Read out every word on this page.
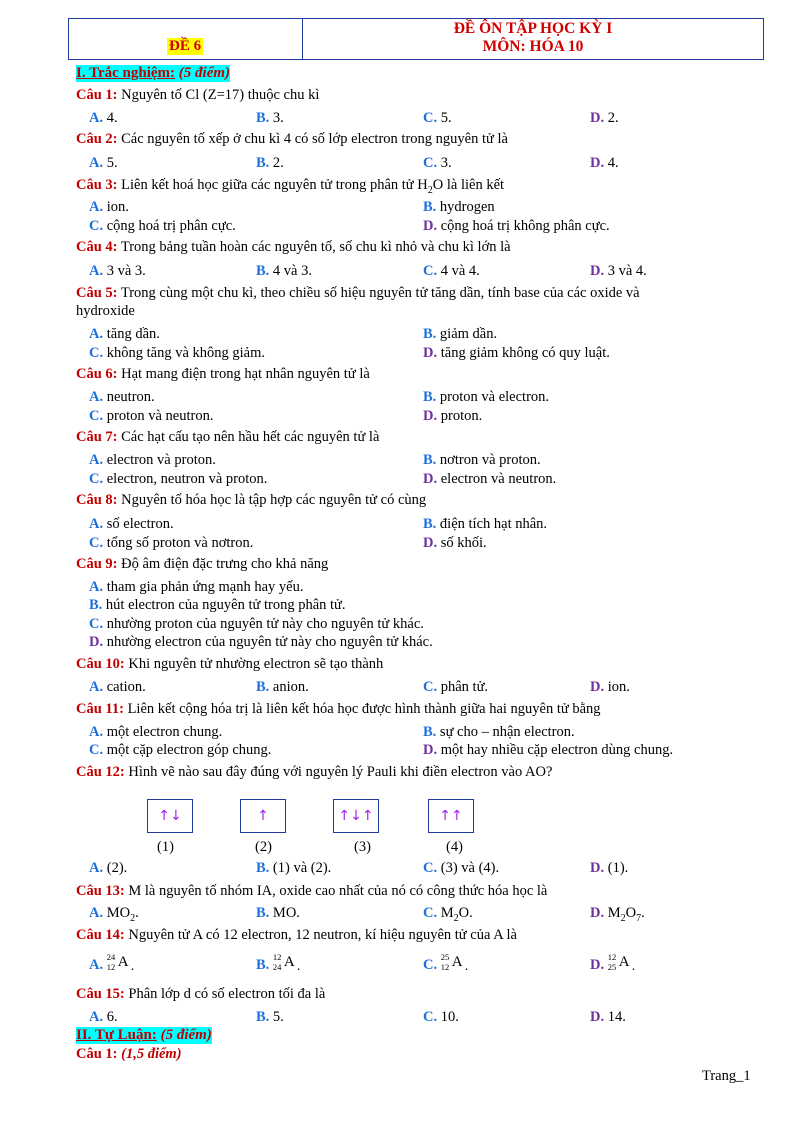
ĐỀ ÔN TẬP HỌC KỲ I
MÔN: HÓA 10
ĐỀ 6
I. Trắc nghiệm: (5 điểm)
Câu 1: Nguyên tố Cl (Z=17) thuộc chu kì
A. 4.	B. 3.	C. 5.	D. 2.
Câu 2: Các nguyên tố xếp ở chu kì 4 có số lớp electron trong nguyên tử là
A. 5.	B. 2.	C. 3.	D. 4.
Câu 3: Liên kết hoá học giữa các nguyên tử trong phân tử $H_2O$ là liên kết
A. ion.	B. hydrogen
C. cộng hoá trị phân cực.	D. cộng hoá trị không phân cực.
Câu 4: Trong bảng tuần hoàn các nguyên tố, số chu kì nhỏ và chu kì lớn là
A. 3 và 3.	B. 4 và 3.	C. 4 và 4.	D. 3 và 4.
Câu 5: Trong cùng một chu kì, theo chiều số hiệu nguyên tử tăng dần, tính base của các oxide và
hydroxide
A. tăng dần.	B. giảm dần.
C. không tăng và không giảm.	D. tăng giảm không có quy luật.
Câu 6: Hạt mang điện trong hạt nhân nguyên tử là
A. neutron.	B. proton và electron.
C. proton và neutron.	D. proton.
Câu 7: Các hạt cấu tạo nên hầu hết các nguyên tử là
A. electron và proton.	B. nơtron và proton.
C. electron, neutron và proton.	D. electron và neutron.
Câu 8: Nguyên tố hóa học là tập hợp các nguyên tử có cùng
A. số electron.	B. điện tích hạt nhân.
C. tổng số proton và nơtron.	D. số khối.
Câu 9: Độ âm điện đặc trưng cho khả năng
A. tham gia phản ứng mạnh hay yếu.
B. hút electron của nguyên tử trong phân tử.
C. nhường proton của nguyên tử này cho nguyên tử khác.
D. nhường electron của nguyên tử này cho nguyên tử khác.
Câu 10: Khi nguyên tử nhường electron sẽ tạo thành
A. cation.	B. anion.	C. phân tử.	D. ion.
Câu 11: Liên kết cộng hóa trị là liên kết hóa học được hình thành giữa hai nguyên tử bằng
A. một electron chung.	B. sự cho – nhận electron.
C. một cặp electron góp chung.	D. một hay nhiều cặp electron dùng chung.
Câu 12: Hình vẽ nào sau đây đúng với nguyên lý Pauli khi điền electron vào AO?
A. (2).	B. (1) và (2).	C. (3) và (4).	D. (1).
Câu 13: M là nguyên tố nhóm IA, oxide cao nhất của nó có công thức hóa học là
A. $MO_2$.	B. MO.	C. $M_2O$.	D. $M_2O_7$.
Câu 14: Nguyên tử A có 12 electron, 12 neutron, kí hiệu nguyên tử của A là
A. 24
12 A .	B. 12
24 A .	C. 25
12 A .	D. 12
25 A .
Câu 15: Phân lớp d có số electron tối đa là
A. 6.	B. 5.	C. 10.	D. 14.
↑↓	↑	↑↓↑	↑↑
(1)	(2)	(3)	(4)
II. Tự Luận: (5 điểm)
Câu 1: (1,5 điểm)
Trang_1
